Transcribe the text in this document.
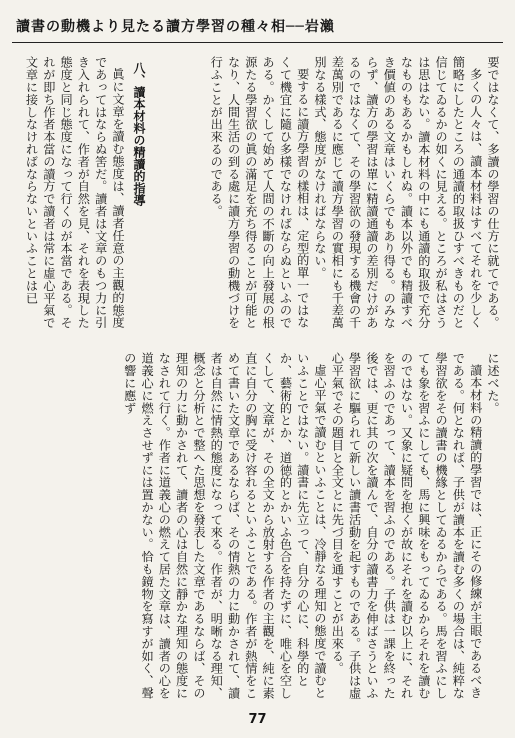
讀書の動機より見たる讀方學習の種々相──岩瀨

要ではなくて、多讀の學習の仕方に就てである。

多くの人々は、讀本材料はすべてそれを少しく簡略にしたところの通讀的取扱ひすべきものだと信じてゐるかの如くに見える。ところが私はさうは思はない。讀本材料の中にも通讀的取扱で充分なものもあるかもしれぬ。讀本以外でも精讀すべき價値のある文章はいくらでもあり得る。のみならず、讀方の學習は單に精讀通讀の差別だけがあるのではなくて、その學習欲の發現する機會の千差萬別であるに應じて讀方學習の實相にも千差萬別なる樣式、態度がなければならない。

要するに讀方學習の樣相は、定型的單一ではなくて機宜に隨ひ多樣でなければならぬといふのである。かくして始めて人間の不斷の向上發展の根源たる學習欲の眞の滿足を充ち得ることが可能となり、人間生活の到る處に讀方學習の動機づけを行ふことが出來るのである。

八、讀本材料の精讀的指導

眞に文章を讀む態度は、讀者任意の主觀的態度であってはならぬ筈だ。讀者は文章のもつ力に引き入れられて、作者が自然を見、それを表現した態度と同じ態度になって行くのが本當である。それが即ち作者本當の讀方で讀者は常に虛心平氣で文章に接しなければならないといふことは已

に述べた。

讀本材料の精讀的學習では、正にその修練が主眼であるべきである。何となれば、子供が讀本を讀む多くの場合は、純粹な學習欲をその讀書の機緣としてゐるからである。馬を習ふにしても象を習ふにしても、馬に興味をもってゐるからそれを讀むのではない。又象に疑問を抱くが故にそれを讀む以上に、それを習ふのであって、讀本を習ふのである。子供は一課を終った後では、更に其の次を讀んで、自分の讀書力を伸ばさうといふ學習欲に驅られて新しい讀書活動を起すものである。子供は虛心平氣でその題目と全文とに先づ目を通すことが出來る。

虛心平氣で讀むといふことは、冷靜なる理知の態度で讀むといふことではない。讀書に先立って、自分の心に、科學的とか、藝術的とか、道徳的とかいふ色合を持たずに、唯心を空しくして、文章が、その全文から放射する作者の主觀を、純に素直に自分の胸に受け容れるといふことである。作者が熱情をこめて書いた文章であるならば、その情熱の力に動かされて、讀者は自然に情熱的態度になって來る。作者が、明晰なる理知、概念と分析とで整へた思想を發表した文章であるならば、その理知の力に動かされて、讀者の心は自然に靜かな理知の態度になされて行く。作者に道義心の燃えて居た文章は、讀者の心を道義心に燃えさせずには置かない。恰も鏡物を寫すが如く、聲の響に應ず

77
